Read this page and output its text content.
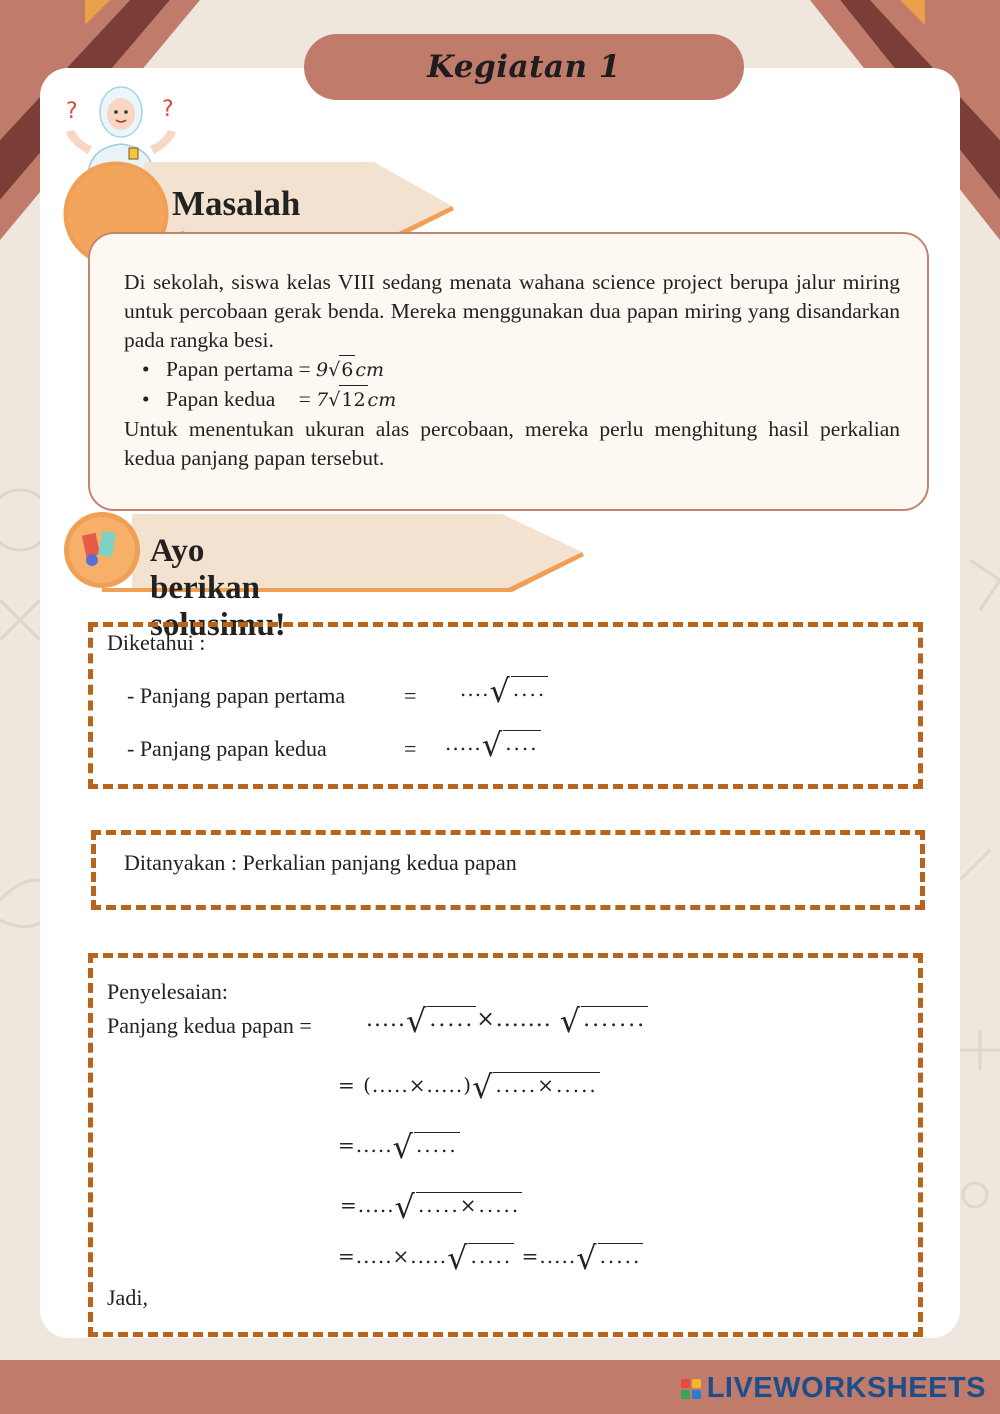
LIVEWORKSHEETS
Kegiatan 1
?	?
Masalah

Di sekolah, siswa kelas VIII sedang menata wahana science project berupa jalur miring untuk percobaan gerak benda. Mereka menggunakan dua papan miring yang disandarkan pada rangka besi.

• Papan pertama = 9√6 cm
• Papan kedua = 7√12 cm

Untuk menentukan ukuran alas percobaan, mereka perlu menghitung hasil perkalian kedua panjang papan tersebut.

Ayo berikan solusimu!
Diketahui :
- Panjang papan pertama	= ....√ ....
- Panjang papan kedua	= .....√ ....
Ditanyakan : Perkalian panjang kedua papan
Penyelesaian:
Panjang kedua papan = .....√.....×....... √.......
= (.....×.....)√ .....×.....
=.....√ .....
=.....√ .....×.....
=.....×.....√ ..... =.....√ .....
Jadi,
